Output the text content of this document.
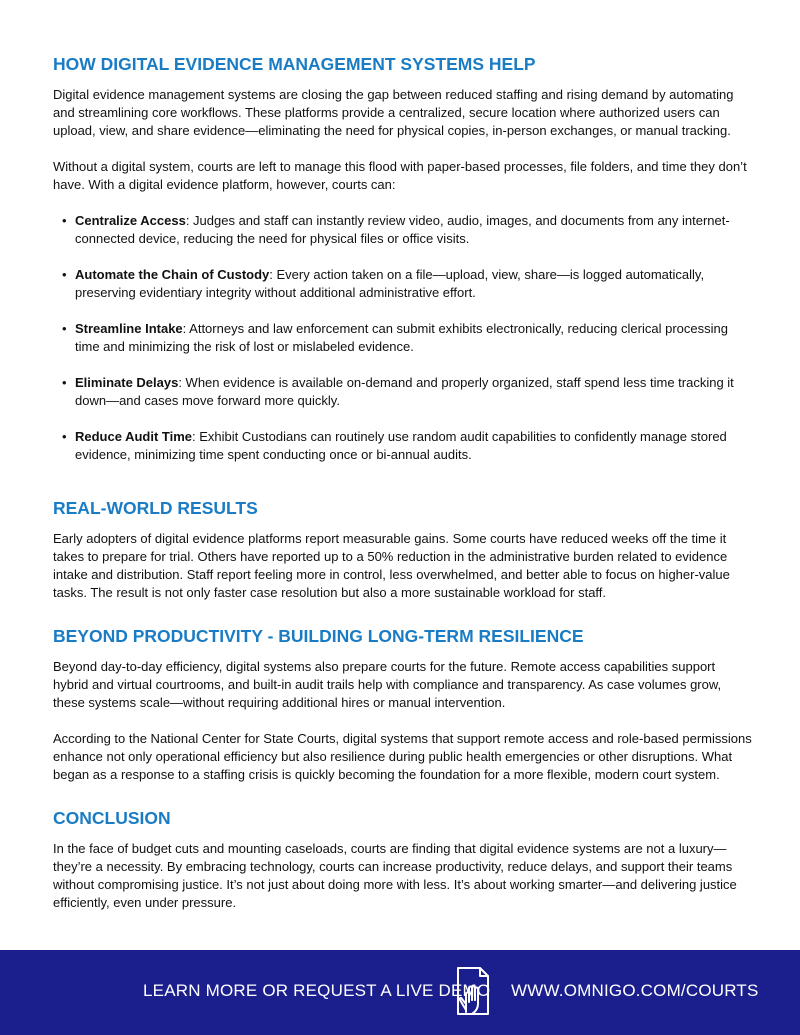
HOW DIGITAL EVIDENCE MANAGEMENT SYSTEMS HELP

Digital evidence management systems are closing the gap between reduced staffing and rising demand by automating and streamlining core workflows. These platforms provide a centralized, secure location where authorized users can upload, view, and share evidence—eliminating the need for physical copies, in-person exchanges, or manual tracking.

Without a digital system, courts are left to manage this flood with paper-based processes, file folders, and time they don’t have. With a digital evidence platform, however, courts can:

• Centralize Access: Judges and staff can instantly review video, audio, images, and documents from any internet-connected device, reducing the need for physical files or office visits.
• Automate the Chain of Custody: Every action taken on a file—upload, view, share—is logged automatically, preserving evidentiary integrity without additional administrative effort.
• Streamline Intake: Attorneys and law enforcement can submit exhibits electronically, reducing clerical processing time and minimizing the risk of lost or mislabeled evidence.
• Eliminate Delays: When evidence is available on-demand and properly organized, staff spend less time tracking it down—and cases move forward more quickly.
• Reduce Audit Time: Exhibit Custodians can routinely use random audit capabilities to confidently manage stored evidence, minimizing time spent conducting once or bi-annual audits.
REAL-WORLD RESULTS

Early adopters of digital evidence platforms report measurable gains. Some courts have reduced weeks off the time it takes to prepare for trial. Others have reported up to a 50% reduction in the administrative burden related to evidence intake and distribution. Staff report feeling more in control, less overwhelmed, and better able to focus on higher-value tasks. The result is not only faster case resolution but also a more sustainable workload for staff.

BEYOND PRODUCTIVITY - BUILDING LONG-TERM RESILIENCE

Beyond day-to-day efficiency, digital systems also prepare courts for the future. Remote access capabilities support hybrid and virtual courtrooms, and built-in audit trails help with compliance and transparency. As case volumes grow, these systems scale—without requiring additional hires or manual intervention.

According to the National Center for State Courts, digital systems that support remote access and role-based permissions enhance not only operational efficiency but also resilience during public health emergencies or other disruptions. What began as a response to a staffing crisis is quickly becoming the foundation for a more flexible, modern court system.

CONCLUSION

In the face of budget cuts and mounting caseloads, courts are finding that digital evidence systems are not a luxury—they’re a necessity. By embracing technology, courts can increase productivity, reduce delays, and support their teams without compromising justice. It’s not just about doing more with less. It’s about working smarter—and delivering justice efficiently, even under pressure.

LEARN MORE OR REQUEST A LIVE DEMO WWW.OMNIGO.COM/COURTS
